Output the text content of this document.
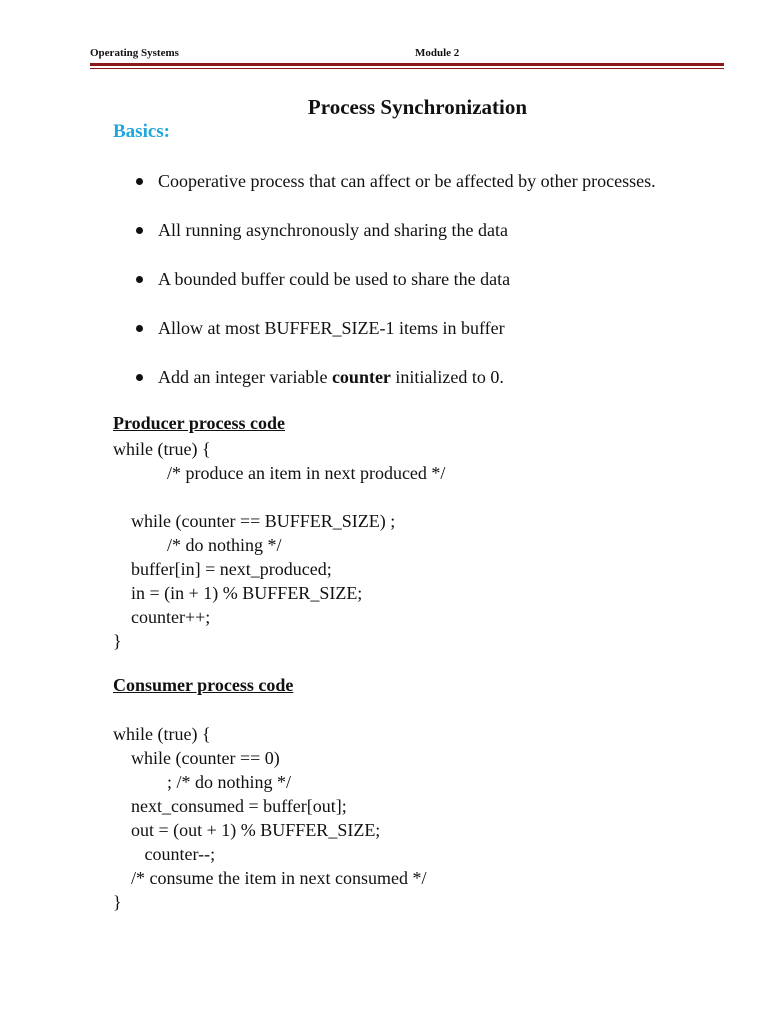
Operating Systems	Module 2
Process Synchronization
Basics:
Cooperative process that can affect or be affected by other processes.
All running asynchronously and sharing the data
A bounded buffer could be used to share the data
Allow at most BUFFER_SIZE-1 items in buffer
Add an integer variable counter initialized to 0.
Producer process code
while (true) {
/* produce an item in next produced */
while (counter == BUFFER_SIZE) ;
/* do nothing */
buffer[in] = next_produced;
in = (in + 1) % BUFFER_SIZE;
counter++;
}
Consumer process code
while (true) {
while (counter == 0)
; /* do nothing */
next_consumed = buffer[out];
out = (out + 1) % BUFFER_SIZE;
counter--;
/* consume the item in next consumed */
}
